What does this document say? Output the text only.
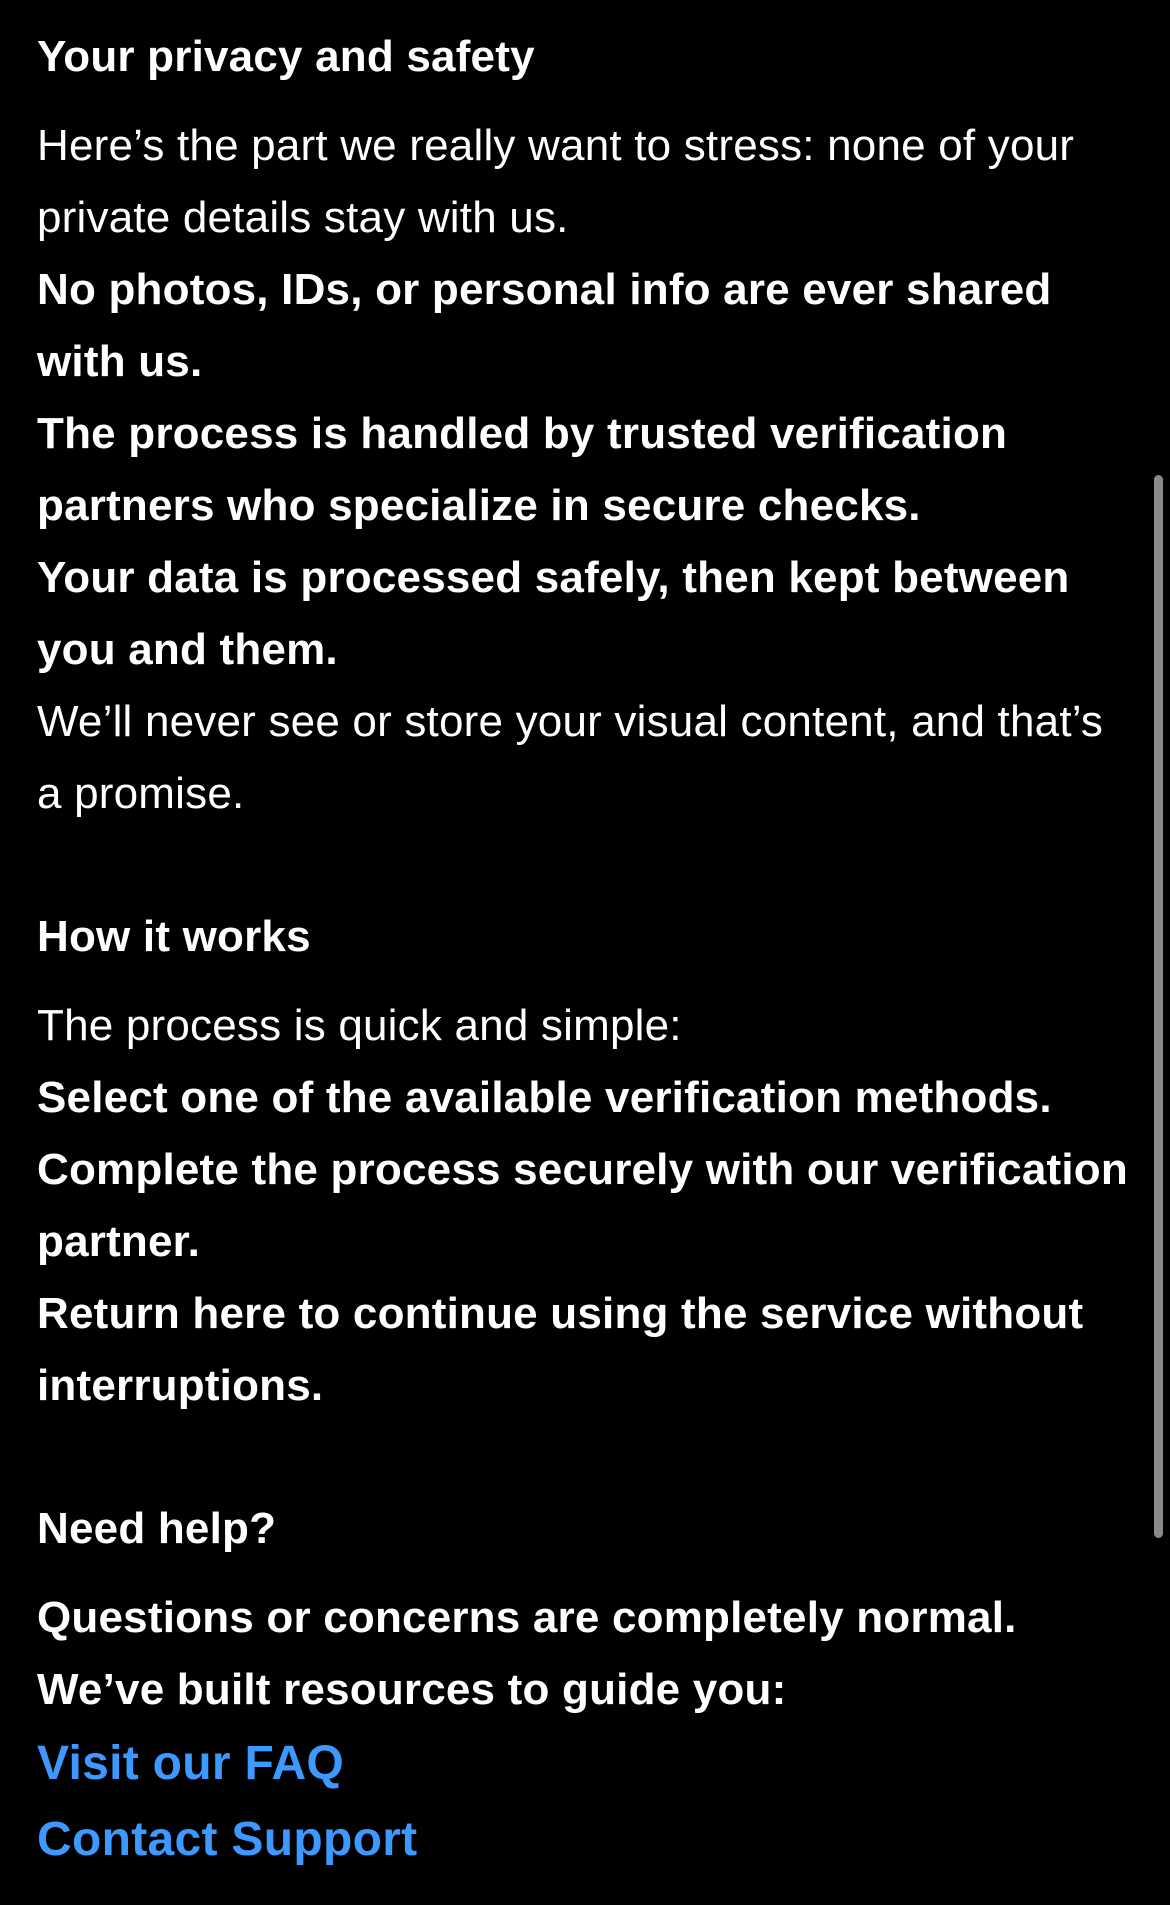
Your privacy and safety

Here’s the part we really want to stress: none of your private details stay with us.

No photos, IDs, or personal info are ever shared with us.

The process is handled by trusted verification partners who specialize in secure checks.

Your data is processed safely, then kept between you and them.

We’ll never see or store your visual content, and that’s a promise.

How it works

The process is quick and simple:

Select one of the available verification methods.

Complete the process securely with our verification partner.

Return here to continue using the service without interruptions.

Need help?

Questions or concerns are completely normal. We’ve built resources to guide you:

Visit our FAQ
Contact Support
